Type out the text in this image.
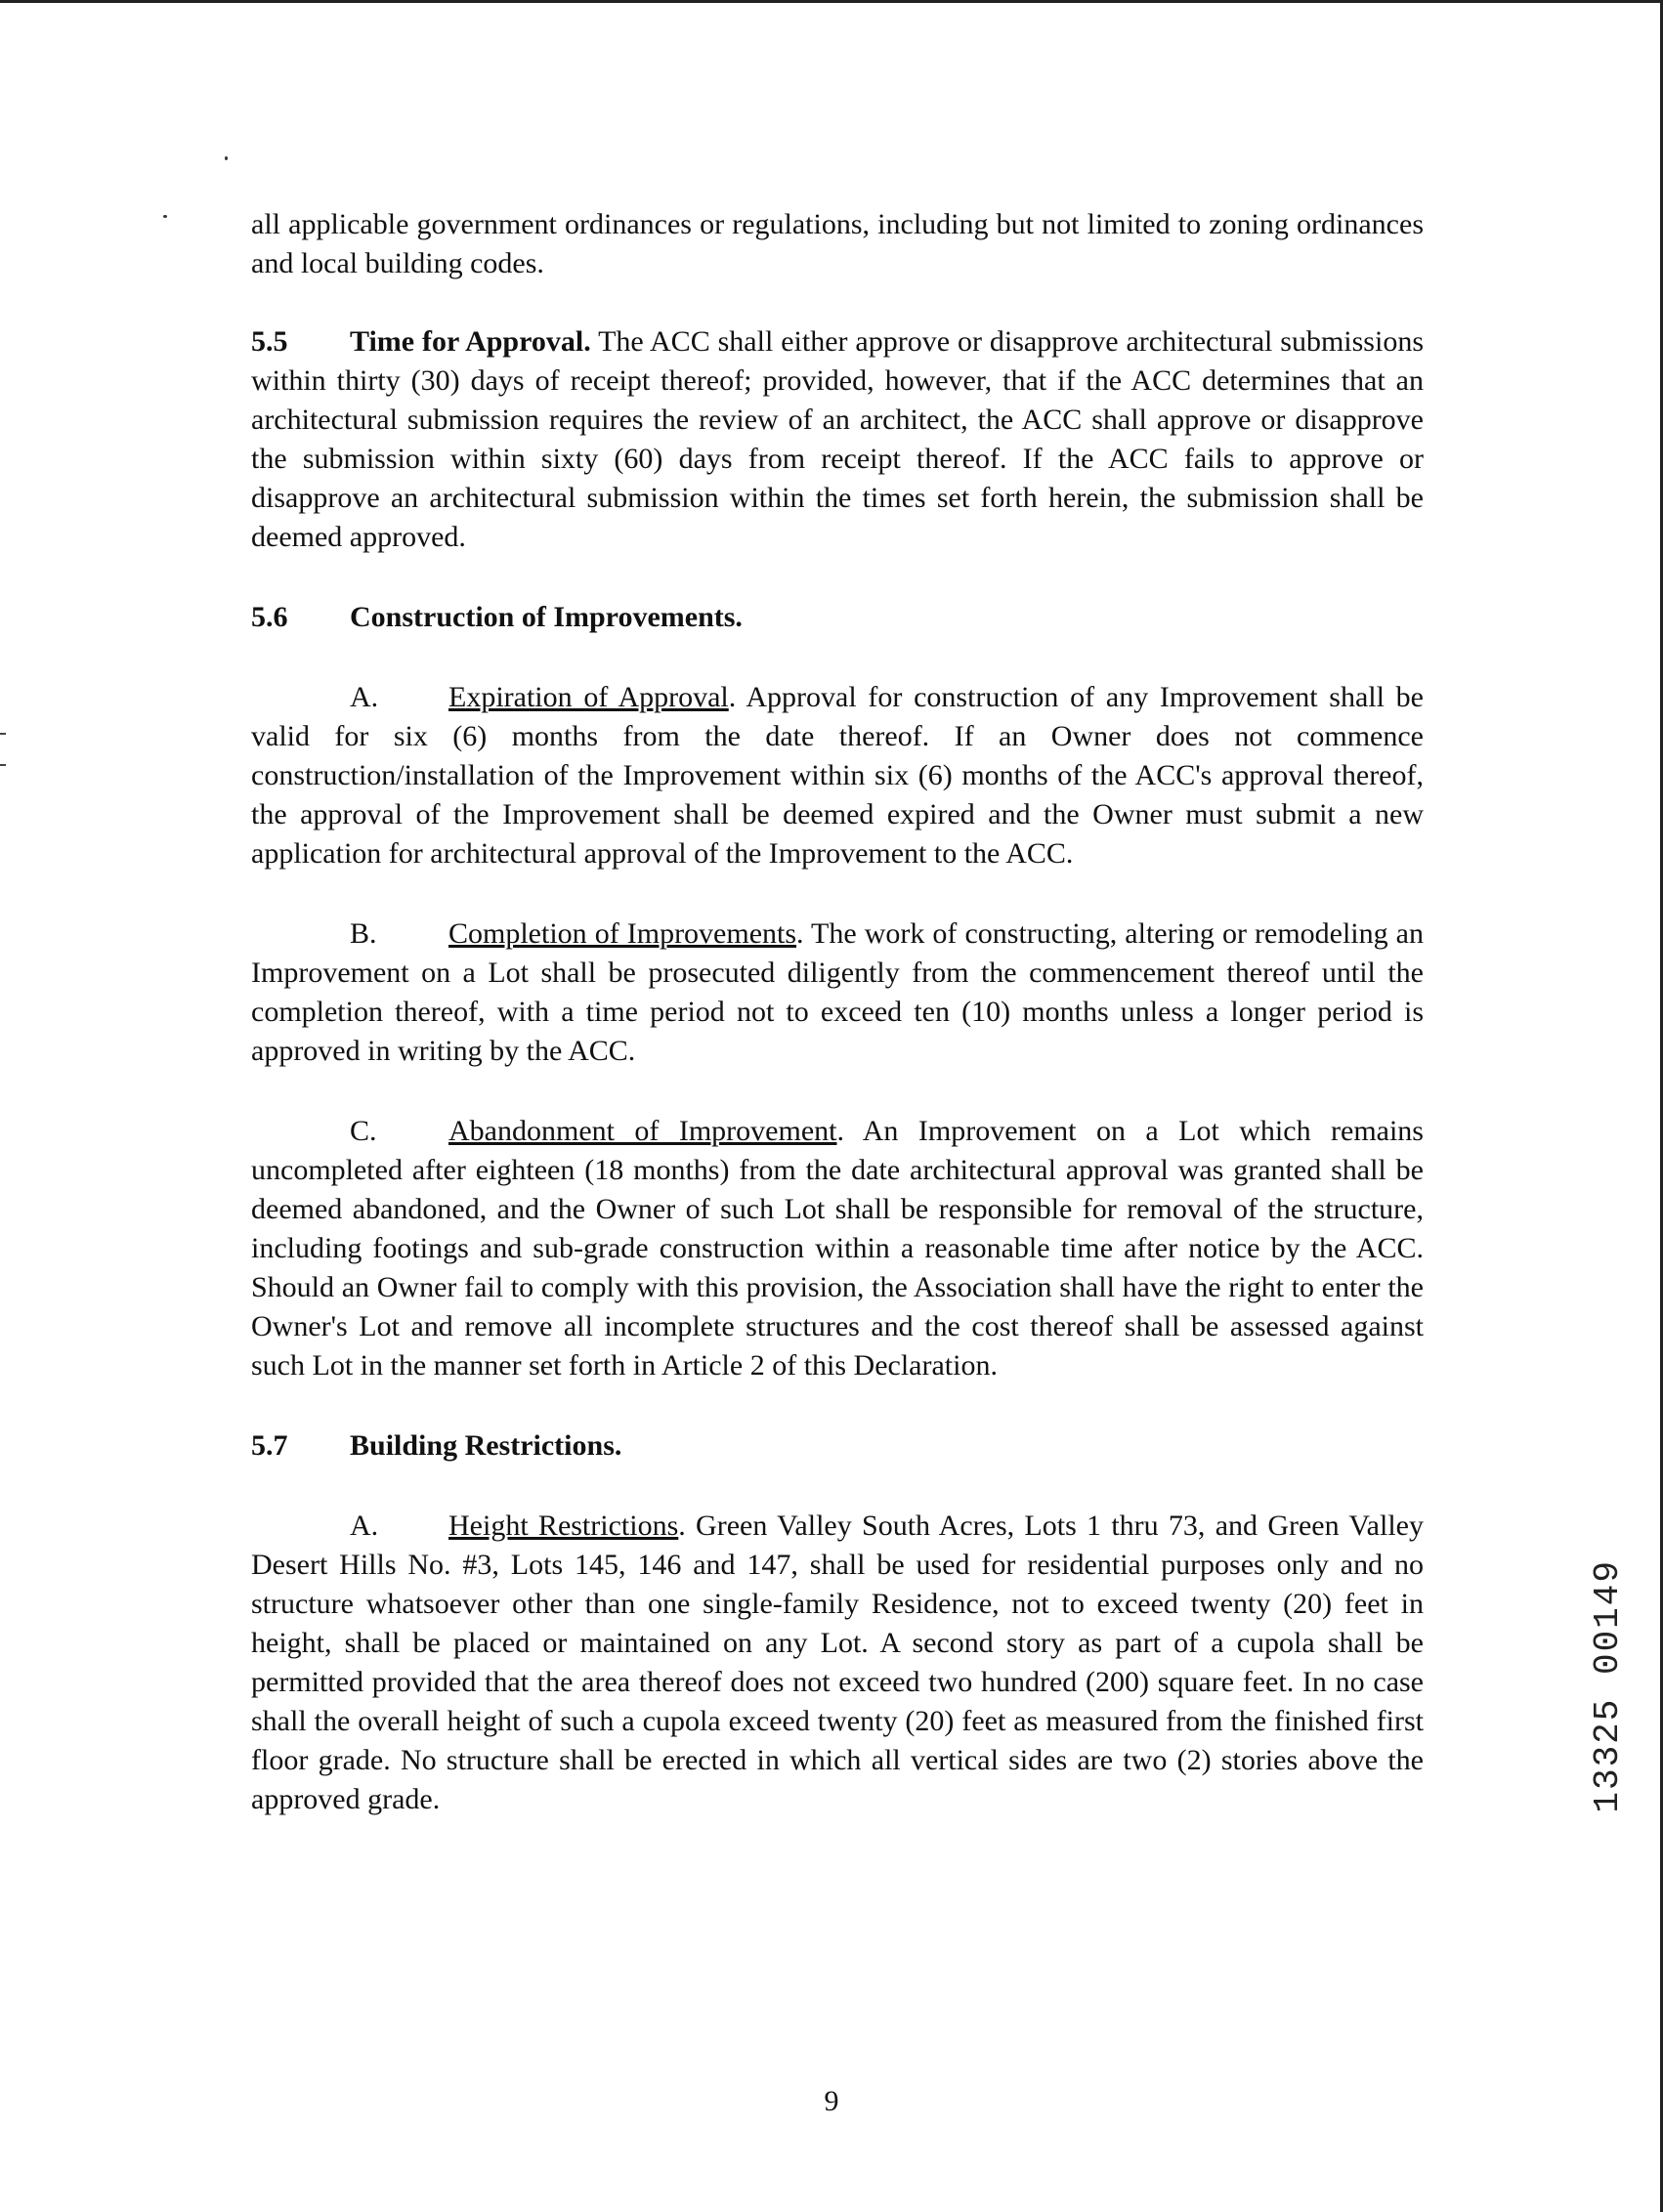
all applicable government ordinances or regulations, including but not limited to zoning ordinances and local building codes.

5.5 Time for Approval. The ACC shall either approve or disapprove architectural submissions within thirty (30) days of receipt thereof; provided, however, that if the ACC determines that an architectural submission requires the review of an architect, the ACC shall approve or disapprove the submission within sixty (60) days from receipt thereof. If the ACC fails to approve or disapprove an architectural submission within the times set forth herein, the submission shall be deemed approved.

5.6 Construction of Improvements.

A. Expiration of Approval. Approval for construction of any Improvement shall be valid for six (6) months from the date thereof. If an Owner does not commence construction/installation of the Improvement within six (6) months of the ACC's approval thereof, the approval of the Improvement shall be deemed expired and the Owner must submit a new application for architectural approval of the Improvement to the ACC.

B. Completion of Improvements. The work of constructing, altering or remodeling an Improvement on a Lot shall be prosecuted diligently from the commencement thereof until the completion thereof, with a time period not to exceed ten (10) months unless a longer period is approved in writing by the ACC.

C. Abandonment of Improvement. An Improvement on a Lot which remains uncompleted after eighteen (18 months) from the date architectural approval was granted shall be deemed abandoned, and the Owner of such Lot shall be responsible for removal of the structure, including footings and sub-grade construction within a reasonable time after notice by the ACC. Should an Owner fail to comply with this provision, the Association shall have the right to enter the Owner's Lot and remove all incomplete structures and the cost thereof shall be assessed against such Lot in the manner set forth in Article 2 of this Declaration.

5.7 Building Restrictions.

A. Height Restrictions. Green Valley South Acres, Lots 1 thru 73, and Green Valley Desert Hills No. #3, Lots 145, 146 and 147, shall be used for residential purposes only and no structure whatsoever other than one single-family Residence, not to exceed twenty (20) feet in height, shall be placed or maintained on any Lot. A second story as part of a cupola shall be permitted provided that the area thereof does not exceed two hundred (200) square feet. In no case shall the overall height of such a cupola exceed twenty (20) feet as measured from the finished first floor grade. No structure shall be erected in which all vertical sides are two (2) stories above the approved grade.	13325 00149
9
